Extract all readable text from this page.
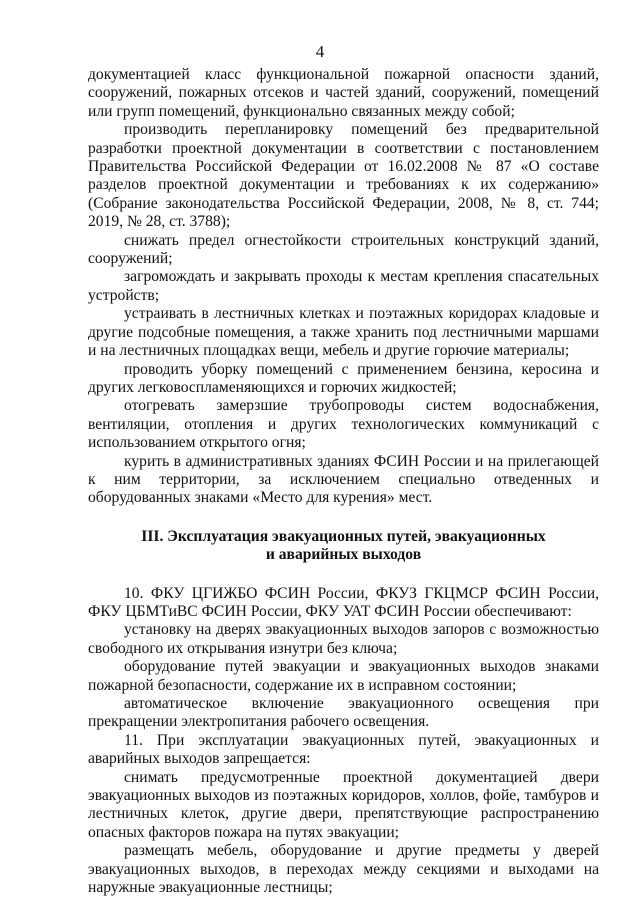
4

документацией класс функциональной пожарной опасности зданий, сооружений, пожарных отсеков и частей зданий, сооружений, помещений или групп помещений, функционально связанных между собой;

производить перепланировку помещений без предварительной разработки проектной документации в соответствии с постановлением Правительства Российской Федерации от 16.02.2008 № 87 «О составе разделов проектной документации и требованиях к их содержанию» (Собрание законодательства Российской Федерации, 2008, № 8, ст. 744; 2019, № 28, ст. 3788);

снижать предел огнестойкости строительных конструкций зданий, сооружений;

загромождать и закрывать проходы к местам крепления спасательных устройств;

устраивать в лестничных клетках и поэтажных коридорах кладовые и другие подсобные помещения, а также хранить под лестничными маршами и на лестничных площадках вещи, мебель и другие горючие материалы;

проводить уборку помещений с применением бензина, керосина и других легковоспламеняющихся и горючих жидкостей;

отогревать замерзшие трубопроводы систем водоснабжения, вентиляции, отопления и других технологических коммуникаций с использованием открытого огня;

курить в административных зданиях ФСИН России и на прилегающей к ним территории, за исключением специально отведенных и оборудованных знаками «Место для курения» мест.

III. Эксплуатация эвакуационных путей, эвакуационных
и аварийных выходов

10. ФКУ ЦГИЖБО ФСИН России, ФКУЗ ГКЦМСР ФСИН России, ФКУ ЦБМТиВС ФСИН России, ФКУ УАТ ФСИН России обеспечивают:

установку на дверях эвакуационных выходов запоров с возможностью свободного их открывания изнутри без ключа;

оборудование путей эвакуации и эвакуационных выходов знаками пожарной безопасности, содержание их в исправном состоянии;

автоматическое включение эвакуационного освещения при прекращении электропитания рабочего освещения.

11. При эксплуатации эвакуационных путей, эвакуационных и аварийных выходов запрещается:

снимать предусмотренные проектной документацией двери эвакуационных выходов из поэтажных коридоров, холлов, фойе, тамбуров и лестничных клеток, другие двери, препятствующие распространению опасных факторов пожара на путях эвакуации;

размещать мебель, оборудование и другие предметы у дверей эвакуационных выходов, в переходах между секциями и выходами на наружные эвакуационные лестницы;
